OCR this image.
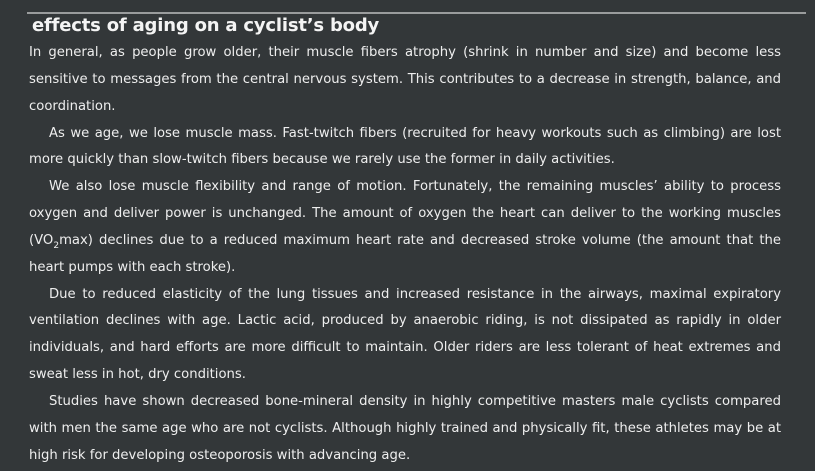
effects of aging on a cyclist’s body

In general, as people grow older, their muscle fibers atrophy (shrink in number and size) and become less sensitive to messages from the central nervous system. This contributes to a decrease in strength, balance, and coordination.

As we age, we lose muscle mass. Fast-twitch fibers (recruited for heavy workouts such as climbing) are lost more quickly than slow-twitch fibers because we rarely use the former in daily activities.

We also lose muscle flexibility and range of motion. Fortunately, the remaining muscles’ ability to process oxygen and deliver power is unchanged. The amount of oxygen the heart can deliver to the working muscles $(VO_2\max)$ declines due to a reduced maximum heart rate and decreased stroke volume (the amount that the heart pumps with each stroke).

Due to reduced elasticity of the lung tissues and increased resistance in the airways, maximal expiratory ventilation declines with age. Lactic acid, produced by anaerobic riding, is not dissipated as rapidly in older individuals, and hard efforts are more difficult to maintain. Older riders are less tolerant of heat extremes and sweat less in hot, dry conditions.

Studies have shown decreased bone-mineral density in highly competitive masters male cyclists compared with men the same age who are not cyclists. Although highly trained and physically fit, these athletes may be at high risk for developing osteoporosis with advancing age.
